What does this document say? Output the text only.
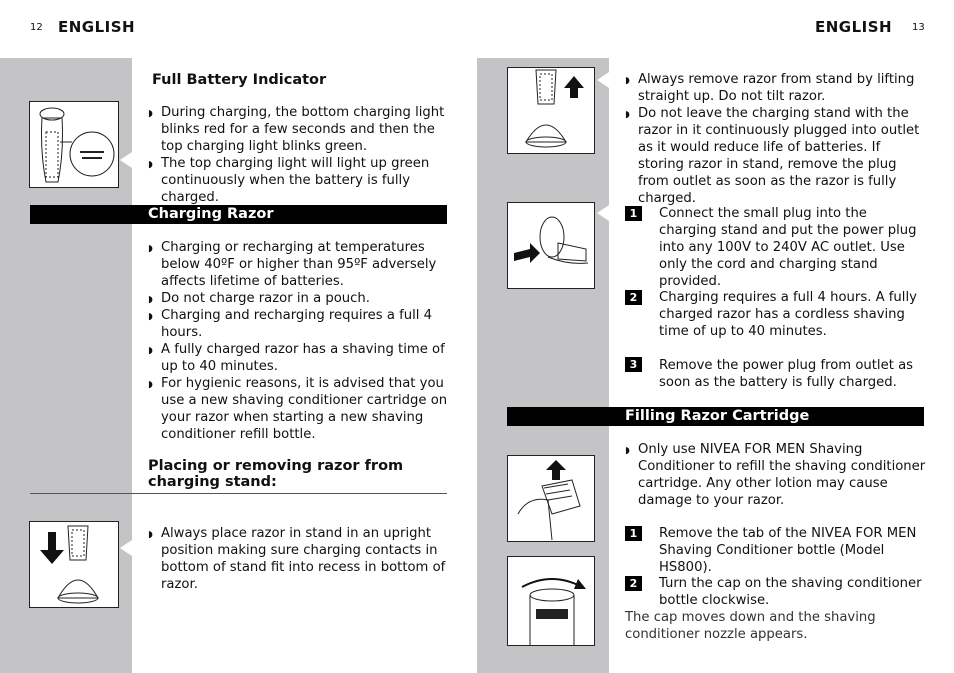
12 ENGLISH
Full Battery Indicator

◗ During charging, the bottom charging light blinks red for a few seconds and then the top charging light blinks green.

◗ The top charging light will light up green continuously when the battery is fully charged.

Charging Razor

◗ Charging or recharging at temperatures below 40ºF or higher than 95ºF adversely affects lifetime of batteries.

◗ Do not charge razor in a pouch.

◗ Charging and recharging requires a full 4 hours.

◗ A fully charged razor has a shaving time of up to 40 minutes.

◗ For hygienic reasons, it is advised that you use a new shaving conditioner cartridge on your razor when starting a new shaving conditioner refill bottle.

Placing or removing razor from charging stand:

◗ Always place razor in stand in an upright position making sure charging contacts in bottom of stand fit into recess in bottom of razor.

ENGLISH 13

◗ Always remove razor from stand by lifting straight up. Do not tilt razor.

◗ Do not leave the charging stand with the razor in it continuously plugged into outlet as it would reduce life of batteries. If storing razor in stand, remove the plug from outlet as soon as the razor is fully charged.

1	Connect the small plug into the charging stand and put the power plug into any 100V to 240V AC outlet. Use only the cord and charging stand provided.
2	Charging requires a full 4 hours. A fully charged razor has a cordless shaving time of up to 40 minutes.
3	Remove the power plug from outlet as soon as the battery is fully charged.
Filling Razor Cartridge

◗ Only use NIVEA FOR MEN Shaving Conditioner to refill the shaving conditioner cartridge. Any other lotion may cause damage to your razor.

1	Remove the tab of the NIVEA FOR MEN Shaving Conditioner bottle (Model HS800).
2	Turn the cap on the shaving conditioner bottle clockwise.
The cap moves down and the shaving conditioner nozzle appears.
